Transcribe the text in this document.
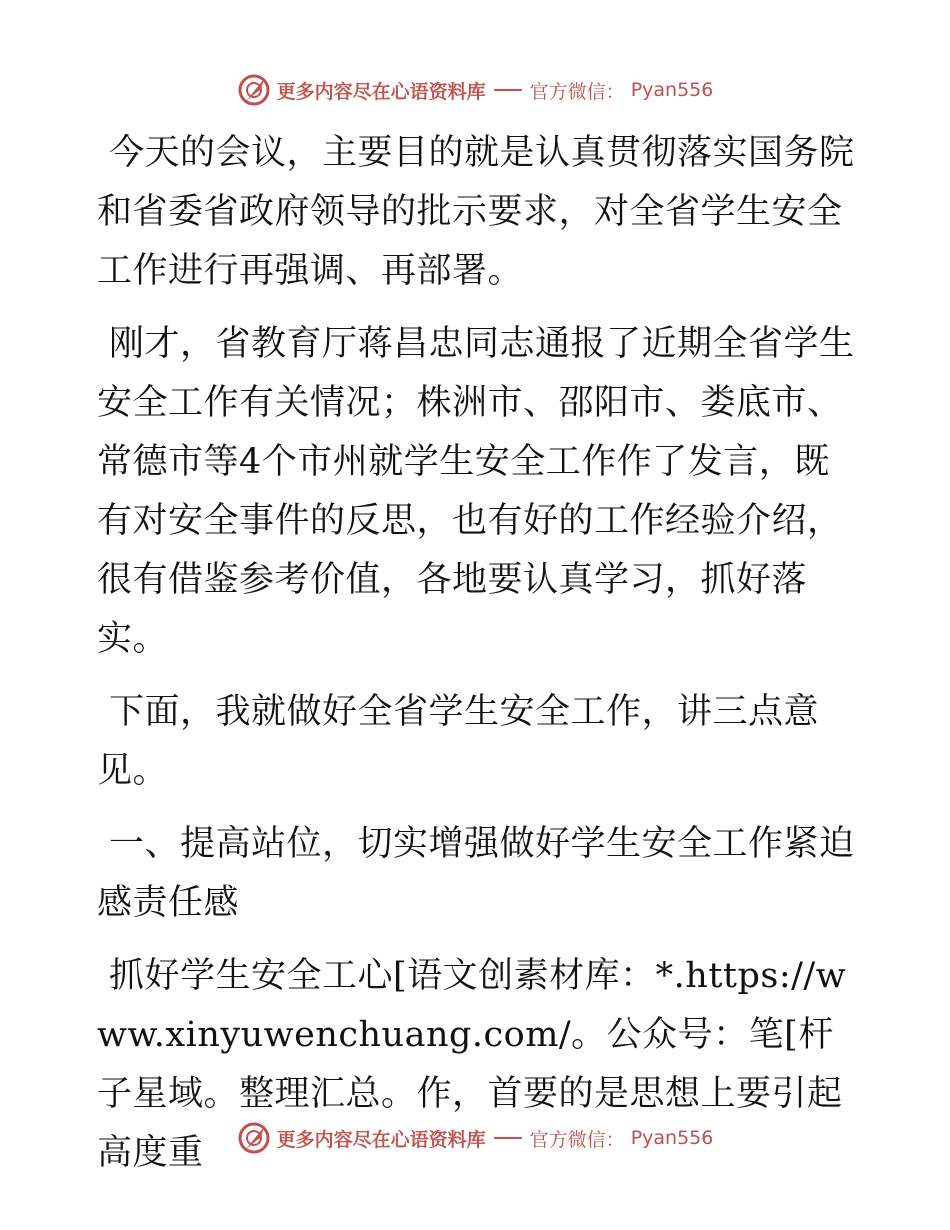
更多内容尽在心语资料库 官方微信： Pyan556

今天的会议，主要目的就是认真贯彻落实国务院和省委省政府领导的批示要求，对全省学生安全工作进行再强调、再部署。

刚才，省教育厅蒋昌忠同志通报了近期全省学生安全工作有关情况；株洲市、邵阳市、娄底市、常德市等4个市州就学生安全工作作了发言，既有对安全事件的反思，也有好的工作经验介绍，很有借鉴参考价值，各地要认真学习，抓好落实。

下面，我就做好全省学生安全工作，讲三点意见。

一、提高站位，切实增强做好学生安全工作紧迫感责任感

抓好学生安全工心[语文创素材库：*.https://www.xinyuwenchuang.com/。公众号：笔[杆子星域。整理汇总。作，首要的是思想上要引起高度重	更多内容尽在心语资料库 官方微信： Pyan556
